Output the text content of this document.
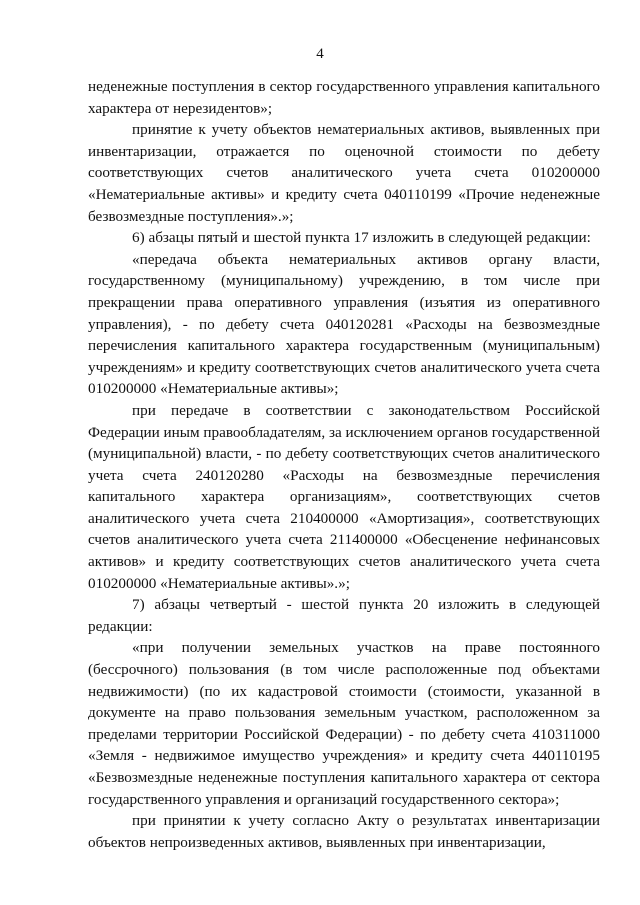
4

неденежные поступления в сектор государственного управления капитального характера от нерезидентов»;

принятие к учету объектов нематериальных активов, выявленных при инвентаризации, отражается по оценочной стоимости по дебету соответствующих счетов аналитического учета счета 010200000 «Нематериальные активы» и кредиту счета 040110199 «Прочие неденежные безвозмездные поступления».»;

6) абзацы пятый и шестой пункта 17 изложить в следующей редакции:

«передача объекта нематериальных активов органу власти, государственному (муниципальному) учреждению, в том числе при прекращении права оперативного управления (изъятия из оперативного управления), - по дебету счета 040120281 «Расходы на безвозмездные перечисления капитального характера государственным (муниципальным) учреждениям» и кредиту соответствующих счетов аналитического учета счета 010200000 «Нематериальные активы»;

при передаче в соответствии с законодательством Российской Федерации иным правообладателям, за исключением органов государственной (муниципальной) власти, - по дебету соответствующих счетов аналитического учета счета 240120280 «Расходы на безвозмездные перечисления капитального характера организациям», соответствующих счетов аналитического учета счета 210400000 «Амортизация», соответствующих счетов аналитического учета счета 211400000 «Обесценение нефинансовых активов» и кредиту соответствующих счетов аналитического учета счета 010200000 «Нематериальные активы».»;

7) абзацы четвертый - шестой пункта 20 изложить в следующей редакции:

«при получении земельных участков на праве постоянного (бессрочного) пользования (в том числе расположенные под объектами недвижимости) (по их кадастровой стоимости (стоимости, указанной в документе на право пользования земельным участком, расположенном за пределами территории Российской Федерации) - по дебету счета 410311000 «Земля - недвижимое имущество учреждения» и кредиту счета 440110195 «Безвозмездные неденежные поступления капитального характера от сектора государственного управления и организаций государственного сектора»;

при принятии к учету согласно Акту о результатах инвентаризации объектов непроизведенных активов, выявленных при инвентаризации,
